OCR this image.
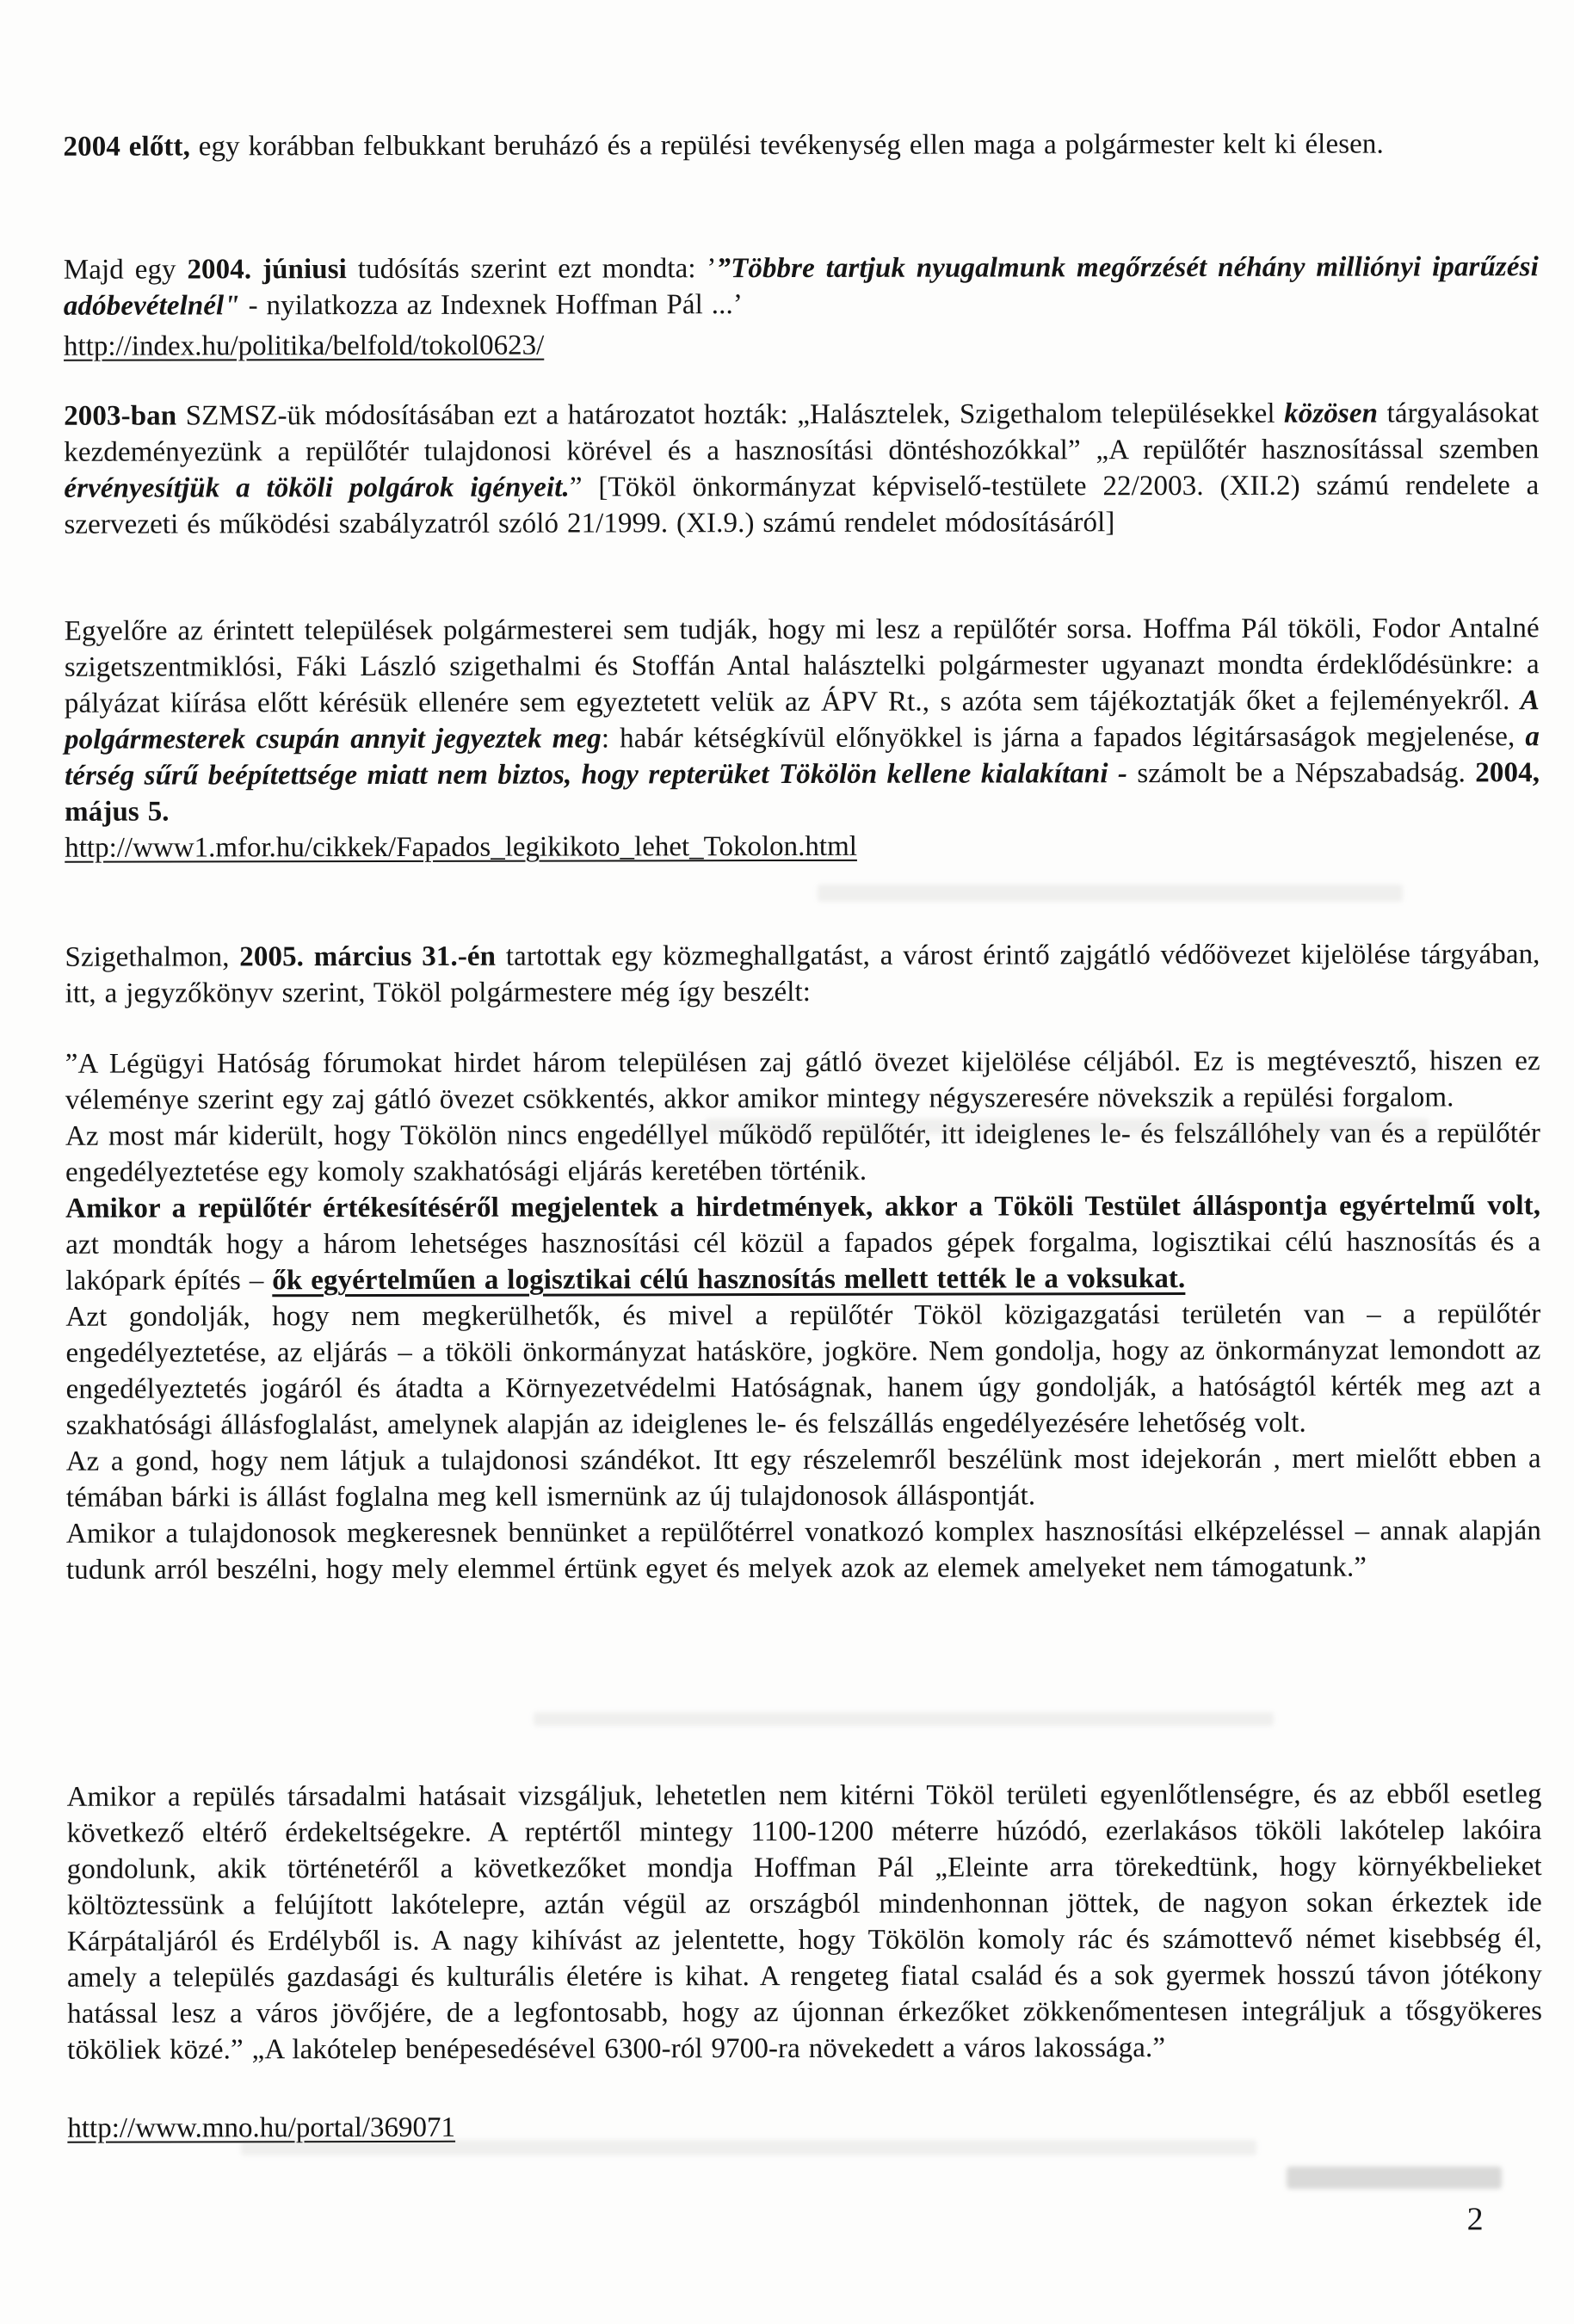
2004 előtt, egy korábban felbukkant beruházó és a repülési tevékenység ellen maga a polgármester kelt ki élesen.

Majd egy 2004. júniusi tudósítás szerint ezt mondta: ’”Többre tartjuk nyugalmunk megőrzését néhány milliónyi iparűzési adóbevételnél" - nyilatkozza az Indexnek Hoffman Pál ...’

http://index.hu/politika/belfold/tokol0623/

2003-ban SZMSZ-ük módosításában ezt a határozatot hozták: „Halásztelek, Szigethalom településekkel közösen tárgyalásokat kezdeményezünk a repülőtér tulajdonosi körével és a hasznosítási döntéshozókkal” „A repülőtér hasznosítással szemben érvényesítjük a tököli polgárok igényeit.” [Tököl önkormányzat képviselő-testülete 22/2003. (XII.2) számú rendelete a szervezeti és működési szabályzatról szóló 21/1999. (XI.9.) számú rendelet módosításáról]

Egyelőre az érintett települések polgármesterei sem tudják, hogy mi lesz a repülőtér sorsa. Hoffma Pál tököli, Fodor Antalné szigetszentmiklósi, Fáki László szigethalmi és Stoffán Antal halásztelki polgármester ugyanazt mondta érdeklődésünkre: a pályázat kiírása előtt kérésük ellenére sem egyeztetett velük az ÁPV Rt., s azóta sem tájékoztatják őket a fejleményekről. A polgármesterek csupán annyit jegyeztek meg: habár kétségkívül előnyökkel is járna a fapados légitársaságok megjelenése, a térség sűrű beépítettsége miatt nem biztos, hogy repterüket Tökölön kellene kialakítani - számolt be a Népszabadság. 2004, május 5.

http://www1.mfor.hu/cikkek/Fapados_legikikoto_lehet_Tokolon.html

Szigethalmon, 2005. március 31.-én tartottak egy közmeghallgatást, a várost érintő zajgátló védőövezet kijelölése tárgyában, itt, a jegyzőkönyv szerint, Tököl polgármestere még így beszélt:

”A Légügyi Hatóság fórumokat hirdet három településen zaj gátló övezet kijelölése céljából. Ez is megtévesztő, hiszen ez véleménye szerint egy zaj gátló övezet csökkentés, akkor amikor mintegy négyszeresére növekszik a repülési forgalom.

Az most már kiderült, hogy Tökölön nincs engedéllyel működő repülőtér, itt ideiglenes le- és felszállóhely van és a repülőtér engedélyeztetése egy komoly szakhatósági eljárás keretében történik.

Amikor a repülőtér értékesítéséről megjelentek a hirdetmények, akkor a Tököli Testület álláspontja egyértelmű volt, azt mondták hogy a három lehetséges hasznosítási cél közül a fapados gépek forgalma, logisztikai célú hasznosítás és a lakópark építés – ők egyértelműen a logisztikai célú hasznosítás mellett tették le a voksukat.

Azt gondolják, hogy nem megkerülhetők, és mivel a repülőtér Tököl közigazgatási területén van – a repülőtér engedélyeztetése, az eljárás – a tököli önkormányzat hatásköre, jogköre. Nem gondolja, hogy az önkormányzat lemondott az engedélyeztetés jogáról és átadta a Környezetvédelmi Hatóságnak, hanem úgy gondolják, a hatóságtól kérték meg azt a szakhatósági állásfoglalást, amelynek alapján az ideiglenes le- és felszállás engedélyezésére lehetőség volt.

Az a gond, hogy nem látjuk a tulajdonosi szándékot. Itt egy részelemről beszélünk most idejekorán , mert mielőtt ebben a témában bárki is állást foglalna meg kell ismernünk az új tulajdonosok álláspontját.

Amikor a tulajdonosok megkeresnek bennünket a repülőtérrel vonatkozó komplex hasznosítási elképzeléssel – annak alapján tudunk arról beszélni, hogy mely elemmel értünk egyet és melyek azok az elemek amelyeket nem támogatunk.”

Amikor a repülés társadalmi hatásait vizsgáljuk, lehetetlen nem kitérni Tököl területi egyenlőtlenségre, és az ebből esetleg következő eltérő érdekeltségekre. A reptértől mintegy 1100-1200 méterre húzódó, ezerlakásos tököli lakótelep lakóira gondolunk, akik történetéről a következőket mondja Hoffman Pál „Eleinte arra törekedtünk, hogy környékbelieket költöztessünk a felújított lakótelepre, aztán végül az országból mindenhonnan jöttek, de nagyon sokan érkeztek ide Kárpátaljáról és Erdélyből is. A nagy kihívást az jelentette, hogy Tökölön komoly rác és számottevő német kisebbség él, amely a település gazdasági és kulturális életére is kihat. A rengeteg fiatal család és a sok gyermek hosszú távon jótékony hatással lesz a város jövőjére, de a legfontosabb, hogy az újonnan érkezőket zökkenőmentesen integráljuk a tősgyökeres tököliek közé.” „A lakótelep benépesedésével 6300-ról 9700-ra növekedett a város lakossága.”

http://www.mno.hu/portal/369071

2
